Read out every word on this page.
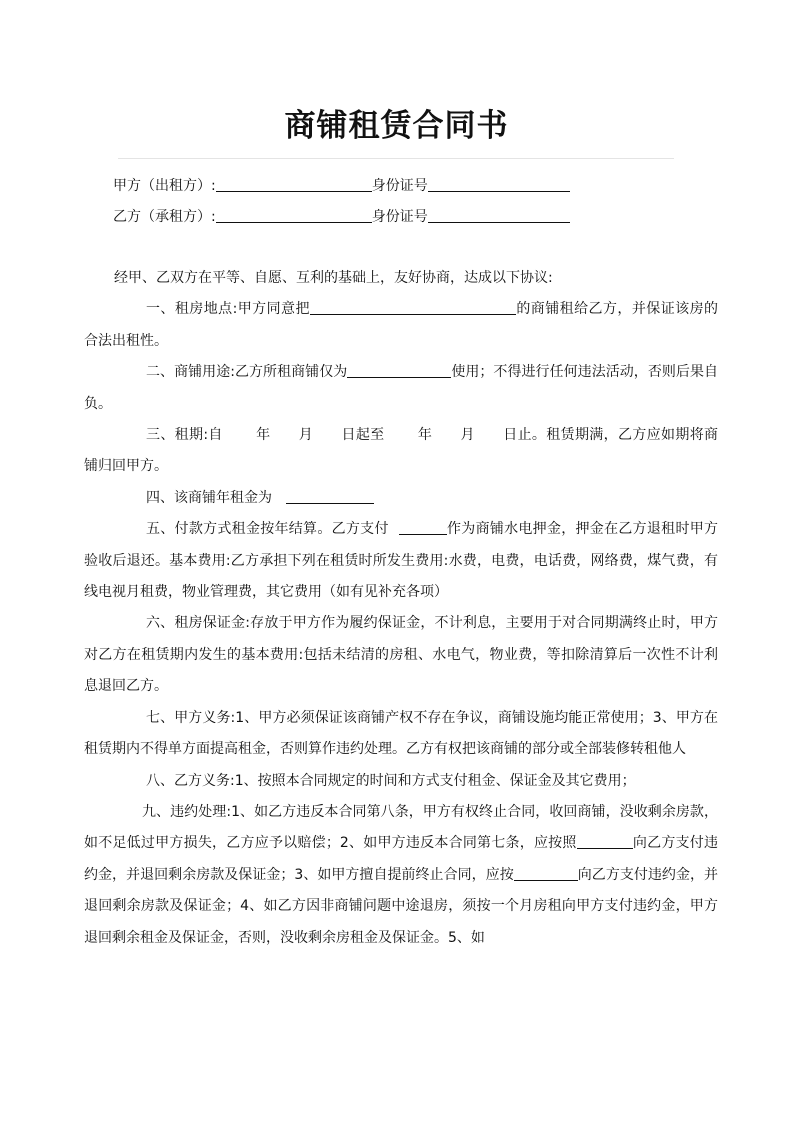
商铺租赁合同书
甲方（出租方）:	身份证号
乙方（承租方）:	身份证号

经甲、乙双方在平等、自愿、互利的基础上，友好协商，达成以下协议:

一、租房地点:甲方同意把	的商铺租给乙方，并保证该房的合法出租性。

二、商铺用途:乙方所租商铺仅为	使用；不得进行任何违法活动，否则后果自负。

三、租期:自 年 月 日起至 年 月 日止。租赁期满，乙方应如期将商铺归回甲方。

四、该商铺年租金为

五、付款方式租金按年结算。乙方支付	作为商铺水电押金，押金在乙方退租时甲方验收后退还。基本费用:乙方承担下列在租赁时所发生费用:水费，电费，电话费，网络费，煤气费，有线电视月租费，物业管理费，其它费用（如有见补充各项）

六、租房保证金:存放于甲方作为履约保证金，不计利息，主要用于对合同期满终止时，甲方对乙方在租赁期内发生的基本费用:包括未结清的房租、水电气，物业费，等扣除清算后一次性不计利息退回乙方。

七、甲方义务:1、甲方必须保证该商铺产权不存在争议，商铺设施均能正常使用；3、甲方在租赁期内不得单方面提高租金，否则算作违约处理。乙方有权把该商铺的部分或全部装修转租他人

八、乙方义务:1、按照本合同规定的时间和方式支付租金、保证金及其它费用；

九、违约处理:1、如乙方违反本合同第八条，甲方有权终止合同，收回商铺，没收剩余房款，如不足低过甲方损失，乙方应予以赔偿；2、如甲方违反本合同第七条，应按照	向乙方支付违约金，并退回剩余房款及保证金；3、如甲方擅自提前终止合同，应按	向乙方支付违约金，并退回剩余房款及保证金；4、如乙方因非商铺问题中途退房，须按一个月房租向甲方支付违约金，甲方退回剩余租金及保证金，否则，没收剩余房租金及保证金。5、如
